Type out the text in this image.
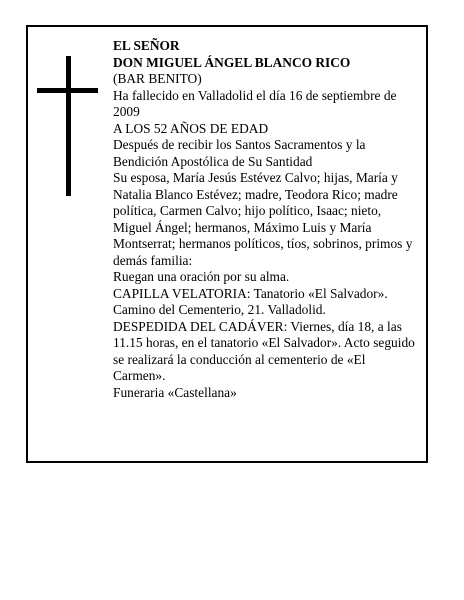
EL SEÑOR
DON MIGUEL ÁNGEL BLANCO RICO
(BAR BENITO)
Ha fallecido en Valladolid el día 16 de septiembre de
2009
A LOS 52 AÑOS DE EDAD
Después de recibir los Santos Sacramentos y la
Bendición Apostólica de Su Santidad
Su esposa, María Jesús Estévez Calvo; hijas, María y
Natalia Blanco Estévez; madre, Teodora Rico; madre
política, Carmen Calvo; hijo político, Isaac; nieto,
Miguel Ángel; hermanos, Máximo Luis y María
Montserrat; hermanos políticos, tíos, sobrinos, primos y
demás familia:
Ruegan una oración por su alma.
CAPILLA VELATORIA: Tanatorio «El Salvador».
Camino del Cementerio, 21. Valladolid.
DESPEDIDA DEL CADÁVER: Viernes, día 18, a las
11.15 horas, en el tanatorio «El Salvador». Acto seguido
se realizará la conducción al cementerio de «El
Carmen».
Funeraria «Castellana»
